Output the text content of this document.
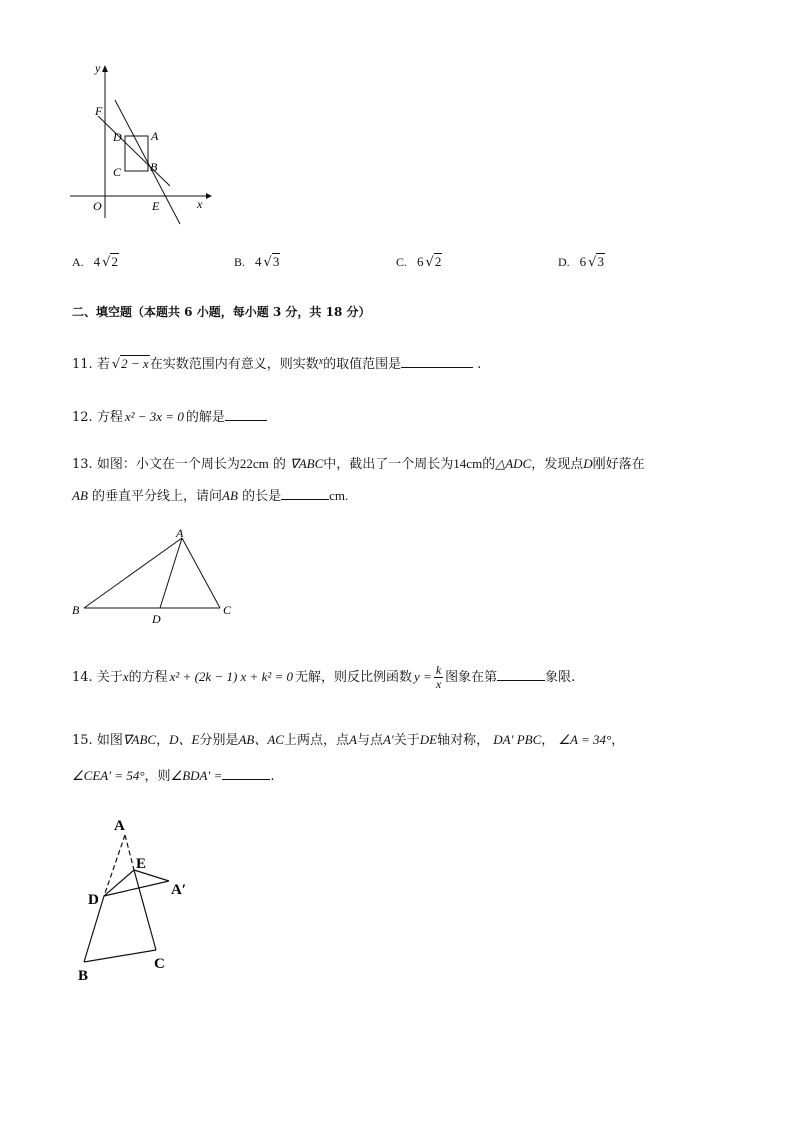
y
x
O	E
F
D A
C B
A. 4 √2	B. 4 √3	C. 6 √2	D. 6 √3
二、填空题（本题共 6 小题，每小题 3 分，共 18 分）
11. 若 √2 − x在实数范围内有意义，则实数$^x$的取值范围是	.
12. 方程 x² − 3x = 0 的解是
13. 如图：小文在一个周长为22cm 的 ∇ABC中，截出了一个周长为14cm的△ADC，发现点D刚好落在
AB 的垂直平分线上，请问AB 的长是	cm.
A
B	C
D
14. 关于x的方程 x² + (2k − 1) x + k² = 0 无解，则反比例函数 $y = \frac{k}{x}$ 图象在第	象限.
15. 如图∇ABC，D、E分别是AB、AC上两点，点A与点A′关于DE轴对称， DA′ PBC， ∠A = 34°，
∠CEA′ = 54°，则∠BDA′ =	.
A
E
A′
D
B
C
